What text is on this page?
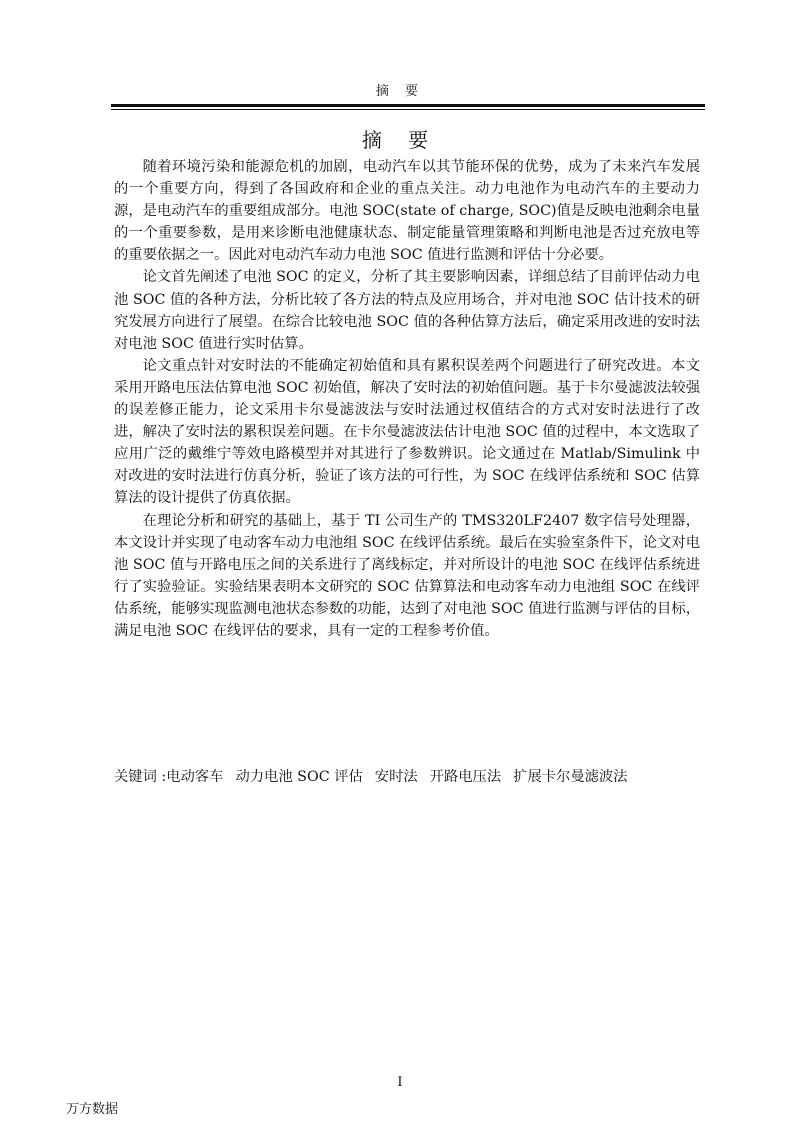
摘 要
摘 要

随着环境污染和能源危机的加剧，电动汽车以其节能环保的优势，成为了未来汽车发展的一个重要方向，得到了各国政府和企业的重点关注。动力电池作为电动汽车的主要动力源，是电动汽车的重要组成部分。电池 SOC(state of charge, SOC)值是反映电池剩余电量的一个重要参数，是用来诊断电池健康状态、制定能量管理策略和判断电池是否过充放电等的重要依据之一。因此对电动汽车动力电池 SOC 值进行监测和评估十分必要。

论文首先阐述了电池 SOC 的定义，分析了其主要影响因素，详细总结了目前评估动力电池 SOC 值的各种方法，分析比较了各方法的特点及应用场合，并对电池 SOC 估计技术的研究发展方向进行了展望。在综合比较电池 SOC 值的各种估算方法后，确定采用改进的安时法对电池 SOC 值进行实时估算。

论文重点针对安时法的不能确定初始值和具有累积误差两个问题进行了研究改进。本文采用开路电压法估算电池 SOC 初始值，解决了安时法的初始值问题。基于卡尔曼滤波法较强的误差修正能力，论文采用卡尔曼滤波法与安时法通过权值结合的方式对安时法进行了改进，解决了安时法的累积误差问题。在卡尔曼滤波法估计电池 SOC 值的过程中，本文选取了应用广泛的戴维宁等效电路模型并对其进行了参数辨识。论文通过在 Matlab/Simulink 中对改进的安时法进行仿真分析，验证了该方法的可行性，为 SOC 在线评估系统和 SOC 估算算法的设计提供了仿真依据。

在理论分析和研究的基础上，基于 TI 公司生产的 TMS320LF2407 数字信号处理器，本文设计并实现了电动客车动力电池组 SOC 在线评估系统。最后在实验室条件下，论文对电池 SOC 值与开路电压之间的关系进行了离线标定，并对所设计的电池 SOC 在线评估系统进行了实验验证。实验结果表明本文研究的 SOC 估算算法和电动客车动力电池组 SOC 在线评估系统，能够实现监测电池状态参数的功能，达到了对电池 SOC 值进行监测与评估的目标，满足电池 SOC 在线评估的要求，具有一定的工程参考价值。

关键词 :电动客车 动力电池 SOC 评估 安时法 开路电压法 扩展卡尔曼滤波法
I
万方数据
